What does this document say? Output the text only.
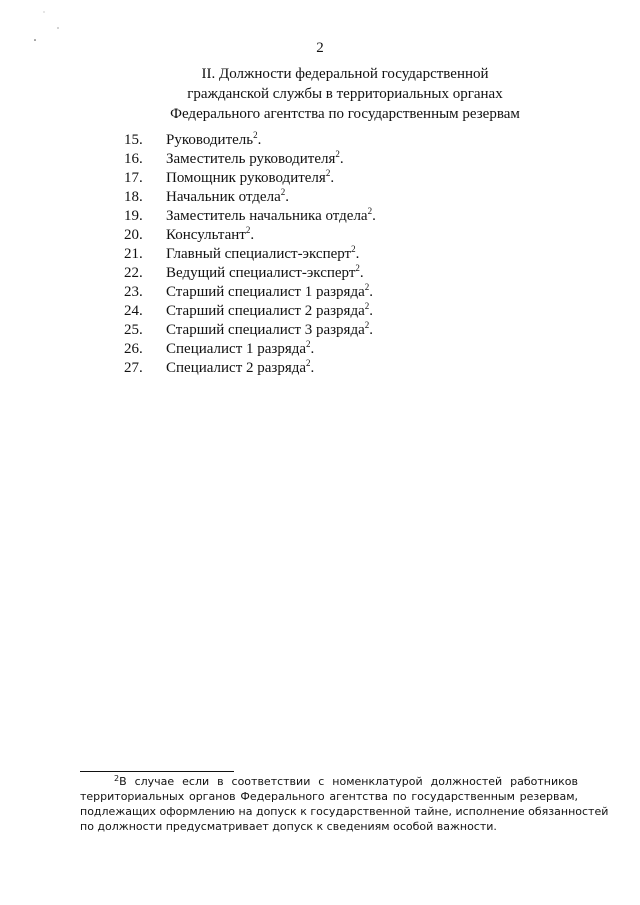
2
II. Должности федеральной государственной
гражданской службы в территориальных органах
Федерального агентства по государственным резервам
15. Руководитель$^2$.
16. Заместитель руководителя$^2$.
17. Помощник руководителя$^2$.
18. Начальник отдела$^2$.
19. Заместитель начальника отдела$^2$.
20. Консультант$^2$.
21. Главный специалист-эксперт$^2$.
22. Ведущий специалист-эксперт$^2$.
23. Старший специалист 1 разряда$^2$.
24. Старший специалист 2 разряда$^2$.
25. Старший специалист 3 разряда$^2$.
26. Специалист 1 разряда$^2$.
27. Специалист 2 разряда$^2$.
$^2$В случае если в соответствии с номенклатурой должностей работников
территориальных органов Федерального агентства по государственным резервам,
подлежащих оформлению на допуск к государственной тайне, исполнение обязанностей
по должности предусматривает допуск к сведениям особой важности.
